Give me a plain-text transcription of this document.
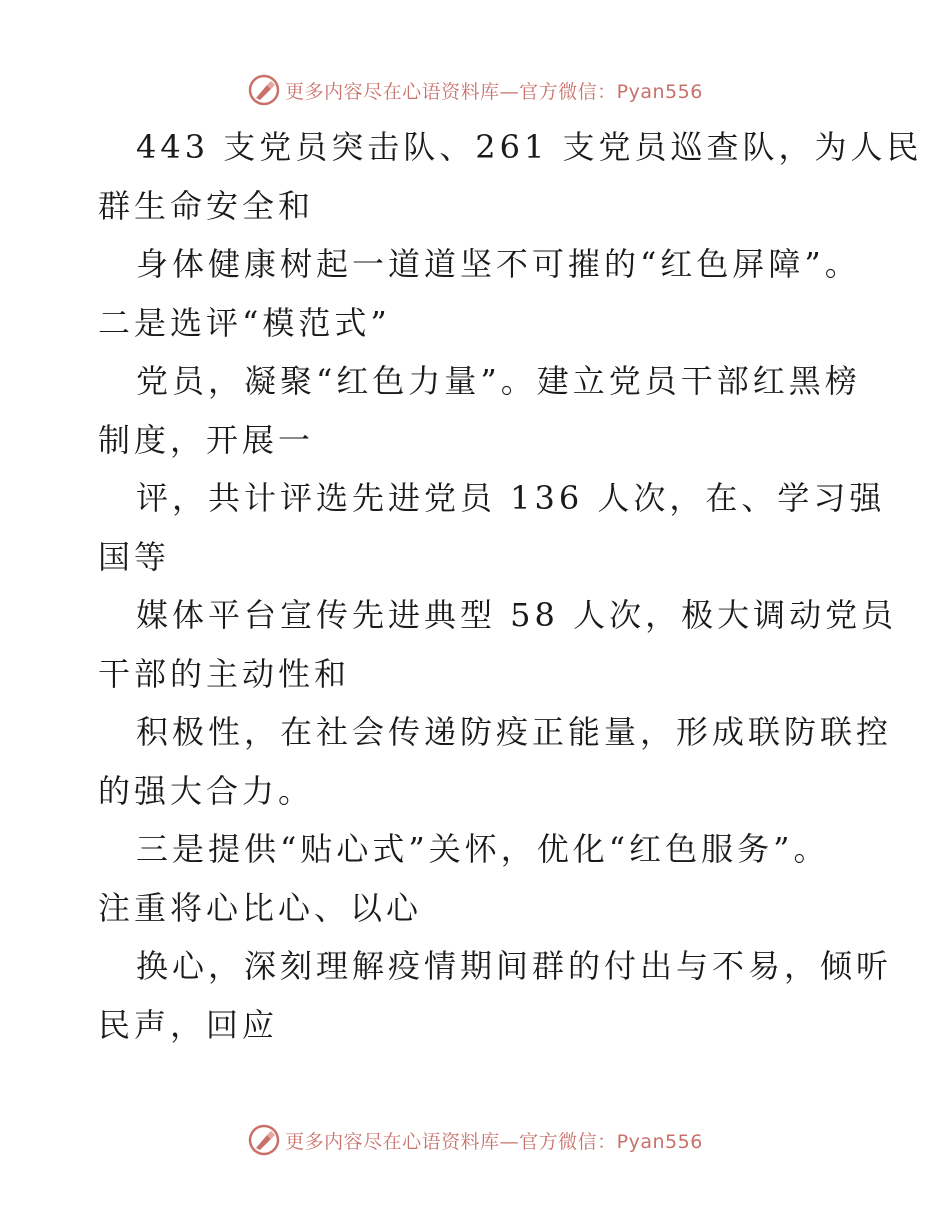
更多内容尽在心语资料库—官方微信：Pyan556
443 支党员突击队、261 支党员巡查队，为人民
群生命安全和
身体健康树起一道道坚不可摧的“红色屏障”。
二是选评“模范式”
党员，凝聚“红色力量”。建立党员干部红黑榜
制度，开展一
评，共计评选先进党员 136 人次，在、学习强
国等
媒体平台宣传先进典型 58 人次，极大调动党员
干部的主动性和
积极性，在社会传递防疫正能量，形成联防联控
的强大合力。
三是提供“贴心式”关怀，优化“红色服务”。
注重将心比心、以心
换心，深刻理解疫情期间群的付出与不易，倾听
民声，回应
更多内容尽在心语资料库—官方微信：Pyan556
